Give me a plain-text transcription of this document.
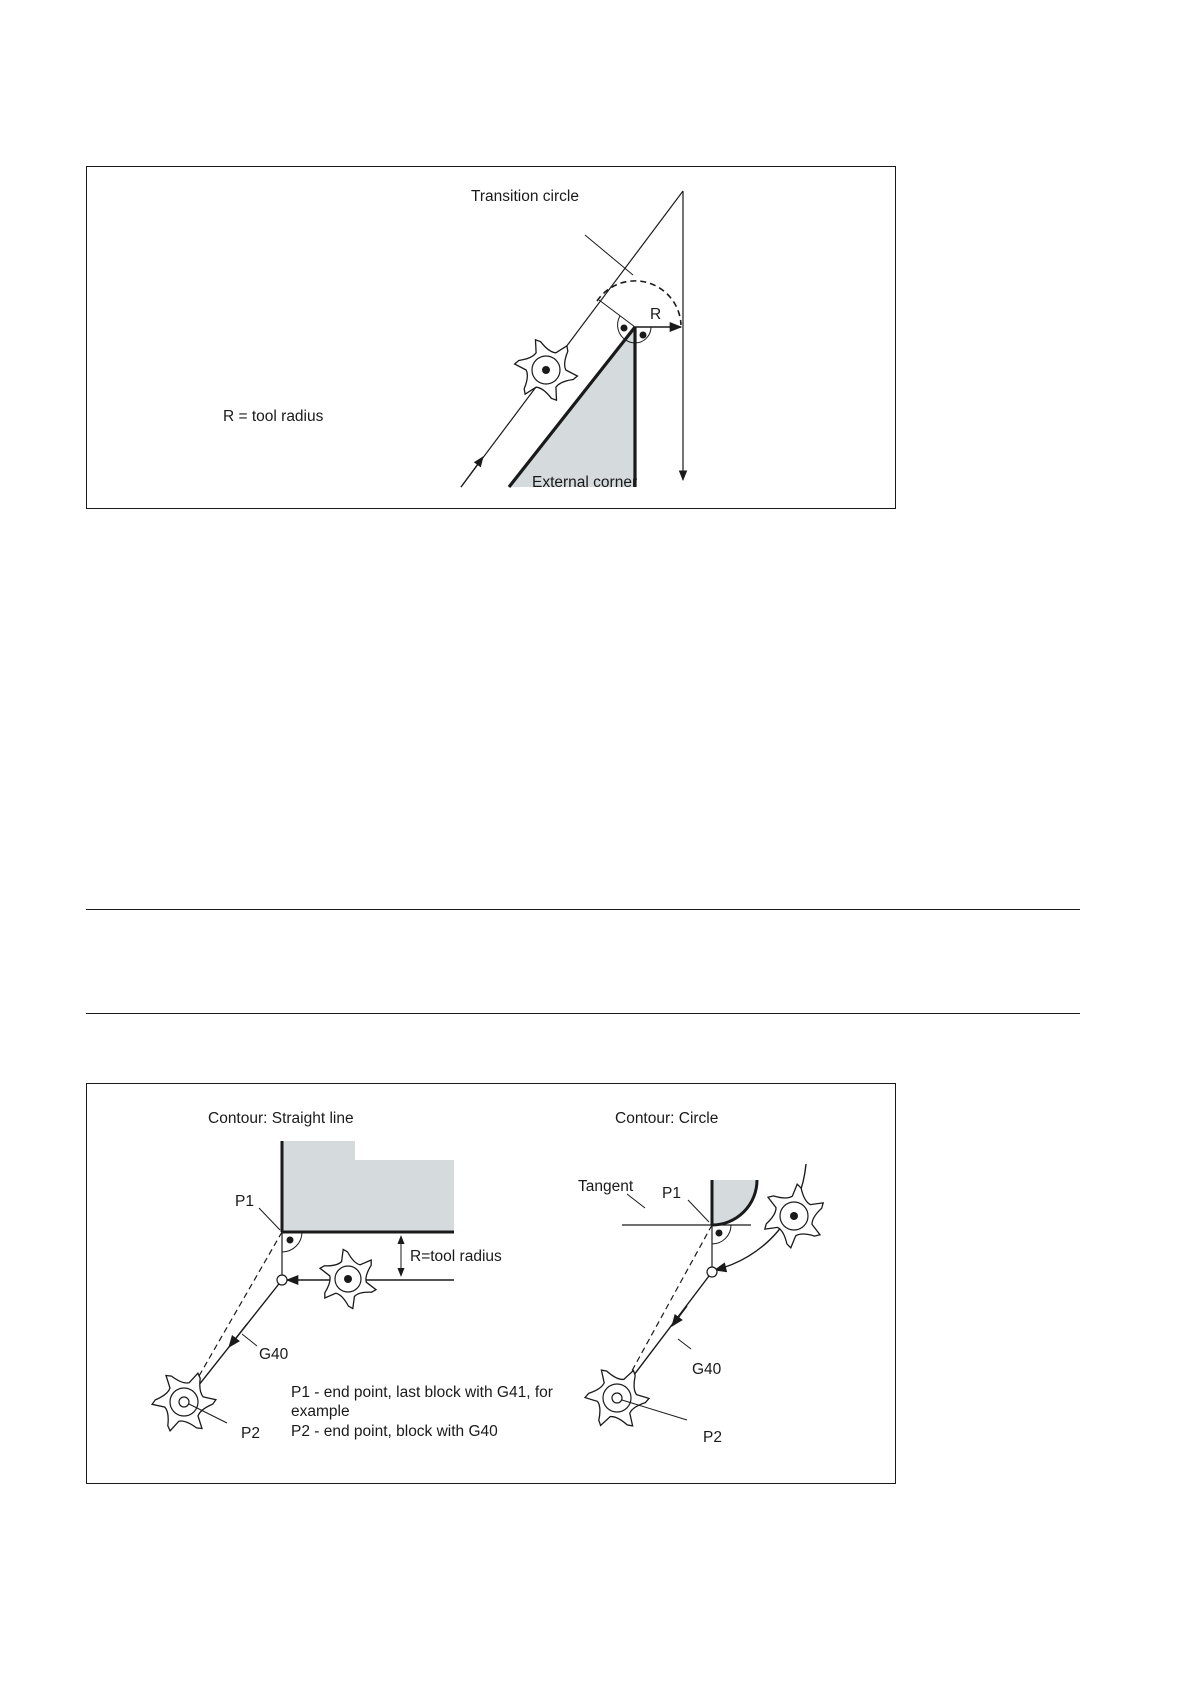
Transition circle
R
R = tool radius
External corner
Contour: Straight line	Contour: Circle
P1
R=tool radius
G40
P2
P1 - end point, last block with G41, for
example
P2 - end point, block with G40
Tangent P1
G40
P2
